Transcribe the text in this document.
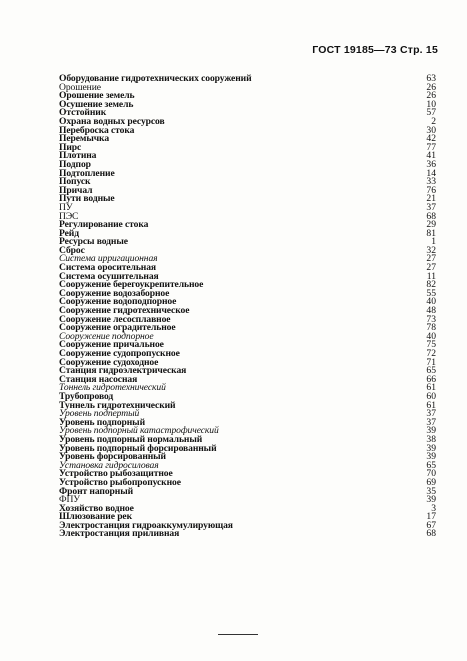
ГОСТ 19185—73 Стр. 15
Оборудование гидротехнических сооружений	63
Орошение	26
Орошение земель	26
Осушение земель	10
Отстойник	57
Охрана водных ресурсов	2
Переброска стока	30
Перемычка	42
Пирс	77
Плотина	41
Подпор	36
Подтопление	14
Попуск	33
Причал	76
Пути водные	21
ПУ	37
ПЭС	68
Регулирование стока	29
Рейд	81
Ресурсы водные	1
Сброс	32
Система ирригационная	27
Система оросительная	27
Система осушительная	11
Сооружение берегоукрепительное	82
Сооружение водозаборное	55
Сооружение водоподпорное	40
Сооружение гидротехническое	48
Сооружение лесосплавное	73
Сооружение оградительное	78
Сооружение подпорное	40
Сооружение причальное	75
Сооружение судопропускное	72
Сооружение судоходное	71
Станция гидроэлектрическая	65
Станция насосная	66
Тоннель гидротехнический	61
Трубопровод	60
Туннель гидротехнический	61
Уровень подпертый	37
Уровень подпорный	37
Уровень подпорный катастрофический	39
Уровень подпорный нормальный	38
Уровень подпорный форсированный	39
Уровень форсированный	39
Установка гидросиловая	65
Устройство рыбозащитное	70
Устройство рыбопропускное	69
Фронт напорный	35
ФПУ	39
Хозяйство водное	3
Шлюзование рек	17
Электростанция гидроаккумулирующая	67
Электростанция приливная	68
